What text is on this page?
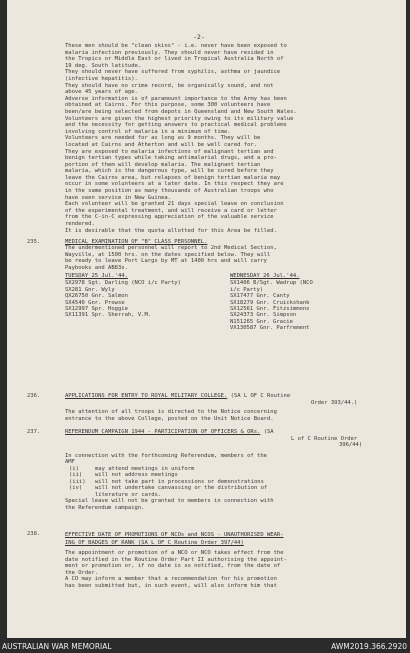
-2-
These men should be "clean skins" - i.e. never have been exposed to
malaria infection previously. They should never have resided in
the Tropics or Middle East or lived in Tropical Australia North of
19 deg. South latitude.
They should never have suffered from syphilis, asthma or jaundice
(infective hepatitis).
They should have no crime record, be organically sound, and not
above 45 years of age.
Adverse information is of paramount importance to the Army has been
obtained at Cairns. For this purpose, some 300 volunteers have
been/are being selected from depots in Queensland and New South Wales.
Volunteers are given the highest priority owing to its military value
and the necessity for getting answers to practical medical problems
involving control of malaria in a minimum of time.
Volunteers are needed for as long as 9 months. They will be
located at Cairns and Atherton and will be well cared for.
They are exposed to malaria infections of malignant tertian and
benign tertian types while taking antimalarial drugs, and a pro-
portion of them will develop malaria. The malignant tertian
malaria, which is the dangerous type, will be cured before they
leave the Cairns area, but relapses of benign tertian malaria may
occur in some volunteers at a later date. In this respect they are
in the same position as many thousands of Australian troops who
have seen service in New Guinea.
Each volunteer will be granted 21 days special leave on conclusion
of the experimental treatment, and will receive a card or letter
from the C-in-C expressing appreciation of the valuable service
rendered.
It is desirable that the quota allotted for this Area be filled.
235.	MEDICAL EXAMINATION OF "B" CLASS PERSONNEL.
The undermentioned personnel will report to 2nd Medical Section,
Wayville, at 1500 hrs. on the dates specified below. They will
be ready to leave Port Largs by MT at 1400 hrs and will carry
Paybooks and AB83s.
TUESDAY 25 Jul.'44.
SX2978 Sgt. Darling (NCO i/c Party)
SX281 Gnr. Wyly
QX26750 Gnr. Salmon
SX4540 Gnr. Prowse
SX12997 Spr. Hoggie
SX11391 Spr. Sherrah, V.M.
WEDNESDAY 26 Jul.'44.
SX1406 B/Sgt. Wadrup (NCO
i/c Party)
SX17477 Gnr. Canty
SX18279 Gnr. Cruickshank
SX12561 Gnr. Fitzsimmons
SX24373 Gnr. Simpson
N151265 Gnr. Gracie
VX130587 Gnr. Parfrement
236.	APPLICATIONS FOR ENTRY TO ROYAL MILITARY COLLEGE. (SA L OF C Routine
Order 393/44.)
The attention of all troops is directed to the Notice concerning
entrance to the above College, posted on the Unit Notice Board.
237.	REFERENDUM CAMPAIGN 1944 - PARTICIPATION OF OFFICERS & ORs. (SA
L of C Routine Order
396/44)
In connection with the forthcoming Referendum, members of the
AMF
(i)	may attend meetings in uniform
(ii)	will not address meetings
(iii)	will not take part in processions or demonstrations
(iv)	will not undertake canvassing or the distribution of
literature or cards.
Special leave will not be granted to members in connection with
the Referendum campaign.
238.	EFFECTIVE DATE OF PROMOTIONS OF NCOs and NCOS - UNAUTHORISED WEAR-
ING OF BADGES OF RANK (SA L OF C Routine Order 397/44)
The appointment or promotion of a NCO or NCO takes effect from the
date notified in the Routine Order Part II authorising the appoint-
ment or promotion or, if no date is so notified, from the date of
the Order.
A CO may inform a member that a recommendation for his promotion
has been submitted but, in such event, will also inform him that
AUSTRALIAN WAR MEMORIAL	AWM2019.366.2920
